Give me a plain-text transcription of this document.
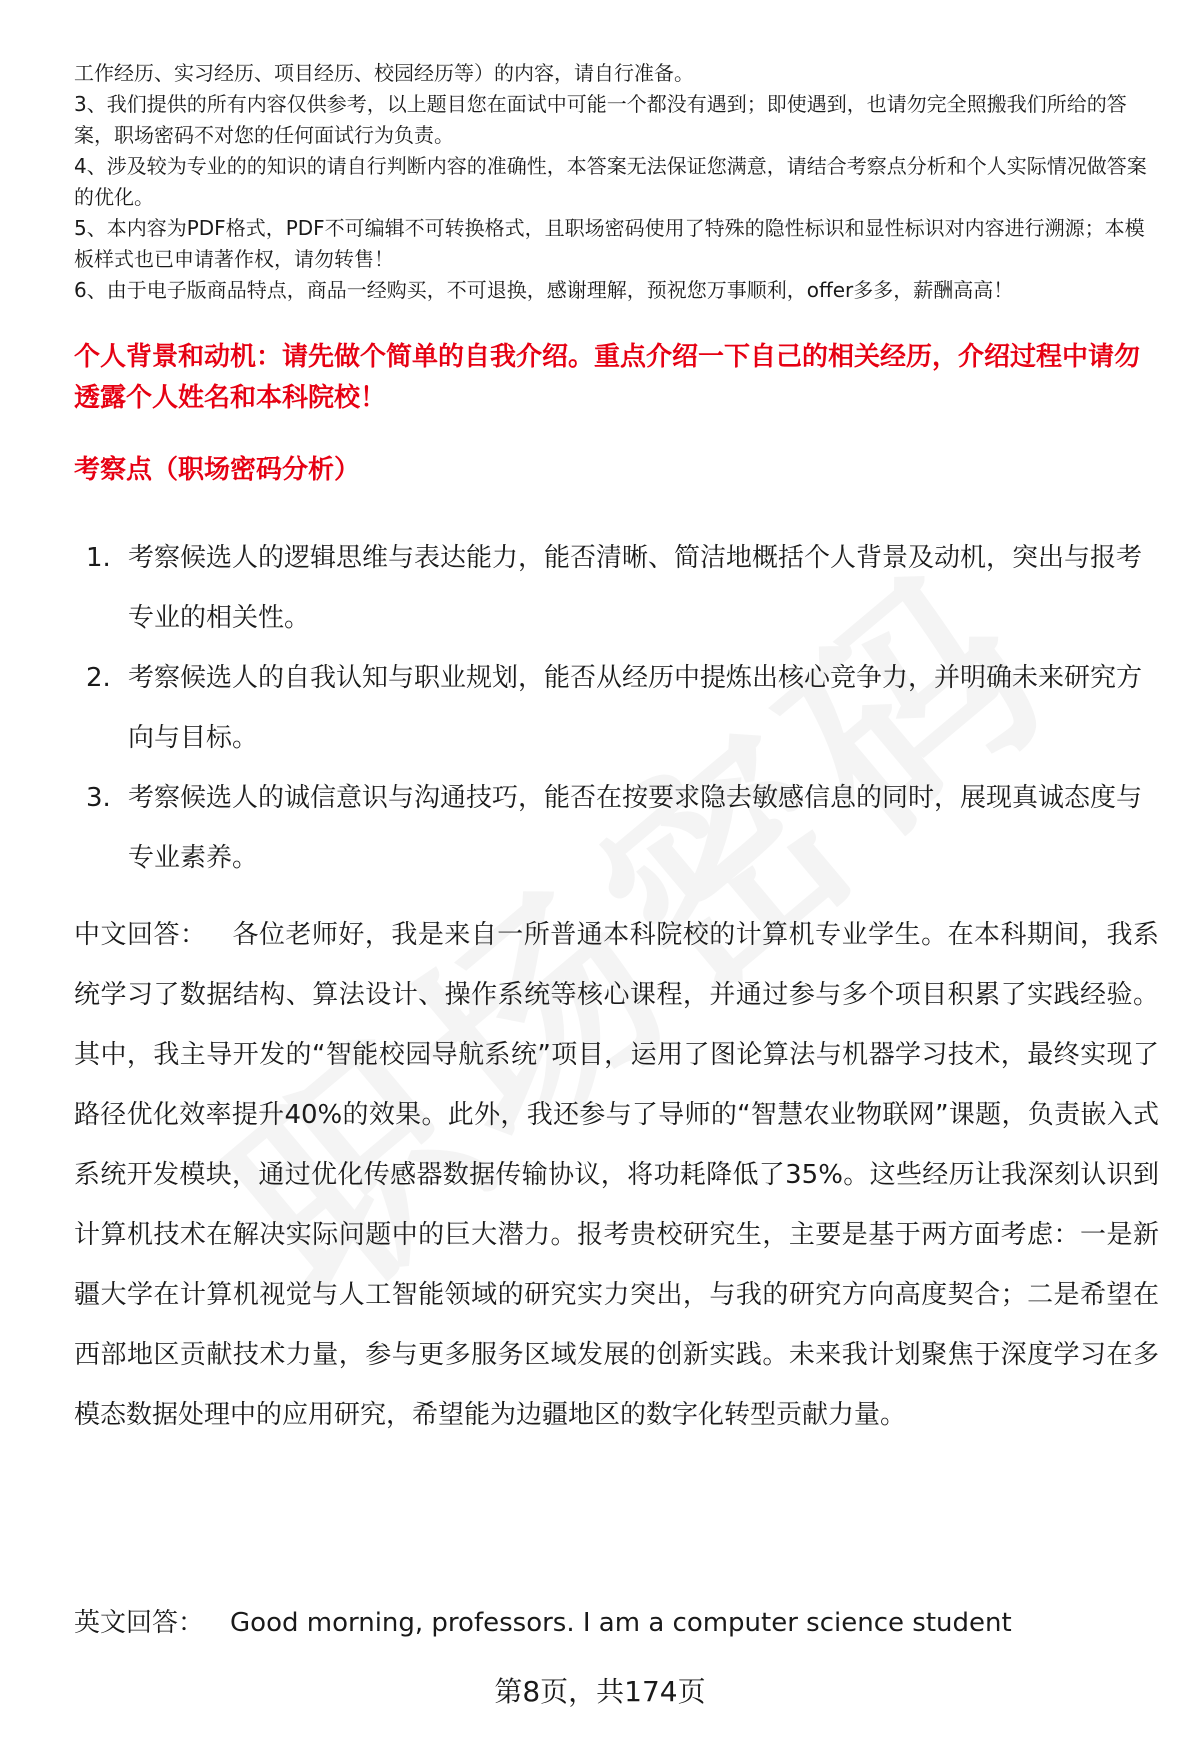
工作经历、实习经历、项目经历、校园经历等）的内容，请自行准备。

3、我们提供的所有内容仅供参考，以上题目您在面试中可能一个都没有遇到；即使遇到，也请勿完全照搬我们所给的答案，职场密码不对您的任何面试行为负责。

4、涉及较为专业的的知识的请自行判断内容的准确性，本答案无法保证您满意，请结合考察点分析和个人实际情况做答案的优化。

5、本内容为PDF格式，PDF不可编辑不可转换格式，且职场密码使用了特殊的隐性标识和显性标识对内容进行溯源；本模板样式也已申请著作权，请勿转售！

6、由于电子版商品特点，商品一经购买，不可退换，感谢理解，预祝您万事顺利，offer多多，薪酬高高！

个人背景和动机：请先做个简单的自我介绍。重点介绍一下自己的相关经历，介绍过程中请勿透露个人姓名和本科院校！
考察点（职场密码分析）
1. 考察候选人的逻辑思维与表达能力，能否清晰、简洁地概括个人背景及动机，突出与报考专业的相关性。
2. 考察候选人的自我认知与职业规划，能否从经历中提炼出核心竞争力，并明确未来研究方向与目标。
3. 考察候选人的诚信意识与沟通技巧，能否在按要求隐去敏感信息的同时，展现真诚态度与专业素养。
中文回答： 各位老师好，我是来自一所普通本科院校的计算机专业学生。在本科期间，我系统学习了数据结构、算法设计、操作系统等核心课程，并通过参与多个项目积累了实践经验。其中，我主导开发的“智能校园导航系统”项目，运用了图论算法与机器学习技术，最终实现了路径优化效率提升40%的效果。此外，我还参与了导师的“智慧农业物联网”课题，负责嵌入式系统开发模块，通过优化传感器数据传输协议，将功耗降低了35%。这些经历让我深刻认识到计算机技术在解决实际问题中的巨大潜力。报考贵校研究生，主要是基于两方面考虑：一是新疆大学在计算机视觉与人工智能领域的研究实力突出，与我的研究方向高度契合；二是希望在西部地区贡献技术力量，参与更多服务区域发展的创新实践。未来我计划聚焦于深度学习在多模态数据处理中的应用研究，希望能为边疆地区的数字化转型贡献力量。
英文回答： Good morning, professors. I am a computer science student
第8页，共174页
